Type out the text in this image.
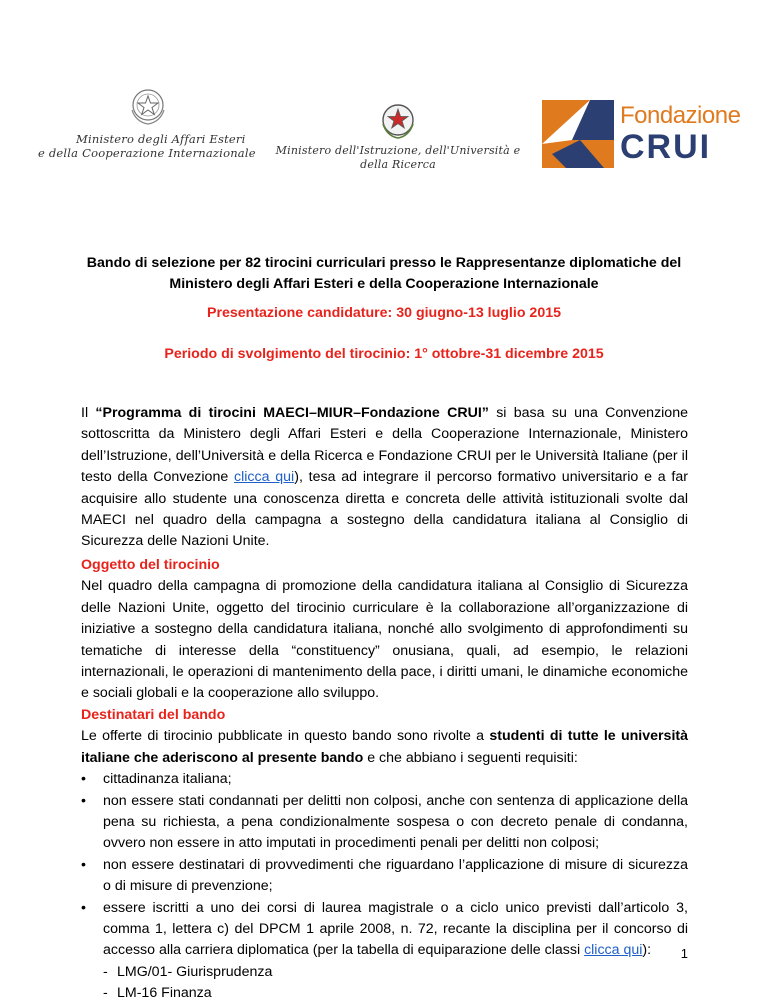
Ministero degli Affari Esteri
e della Cooperazione Internazionale	Ministero dell'Istruzione, dell'Università e della Ricerca
Fondazione
CRUI
Bando di selezione per 82 tirocini curriculari presso le Rappresentanze diplomatiche del
Ministero degli Affari Esteri e della Cooperazione Internazionale
Presentazione candidature: 30 giugno-13 luglio 2015
Periodo di svolgimento del tirocinio: 1° ottobre-31 dicembre 2015
Il “Programma di tirocini MAECI–MIUR–Fondazione CRUI” si basa su una Convenzione sottoscritta da Ministero degli Affari Esteri e della Cooperazione Internazionale, Ministero dell’Istruzione, dell’Università e della Ricerca e Fondazione CRUI per le Università Italiane (per il testo della Convezione clicca qui), tesa ad integrare il percorso formativo universitario e a far acquisire allo studente una conoscenza diretta e concreta delle attività istituzionali svolte dal MAECI nel quadro della campagna a sostegno della candidatura italiana al Consiglio di Sicurezza delle Nazioni Unite.
Oggetto del tirocinio
Nel quadro della campagna di promozione della candidatura italiana al Consiglio di Sicurezza delle Nazioni Unite, oggetto del tirocinio curriculare è la collaborazione all’organizzazione di iniziative a sostegno della candidatura italiana, nonché allo svolgimento di approfondimenti su tematiche di interesse della “constituency” onusiana, quali, ad esempio, le relazioni internazionali, le operazioni di mantenimento della pace, i diritti umani, le dinamiche economiche e sociali globali e la cooperazione allo sviluppo.
Destinatari del bando
Le offerte di tirocinio pubblicate in questo bando sono rivolte a studenti di tutte le università italiane che aderiscono al presente bando e che abbiano i seguenti requisiti:
• cittadinanza italiana;
• non essere stati condannati per delitti non colposi, anche con sentenza di applicazione della pena su richiesta, a pena condizionalmente sospesa o con decreto penale di condanna, ovvero non essere in atto imputati in procedimenti penali per delitti non colposi;
• non essere destinatari di provvedimenti che riguardano l’applicazione di misure di sicurezza o di misure di prevenzione;
• essere iscritti a uno dei corsi di laurea magistrale o a ciclo unico previsti dall’articolo 3, comma 1, lettera c) del DPCM 1 aprile 2008, n. 72, recante la disciplina per il concorso di accesso alla carriera diplomatica (per la tabella di equiparazione delle classi clicca qui):
- LMG/01- Giurisprudenza
- LM-16 Finanza
1
